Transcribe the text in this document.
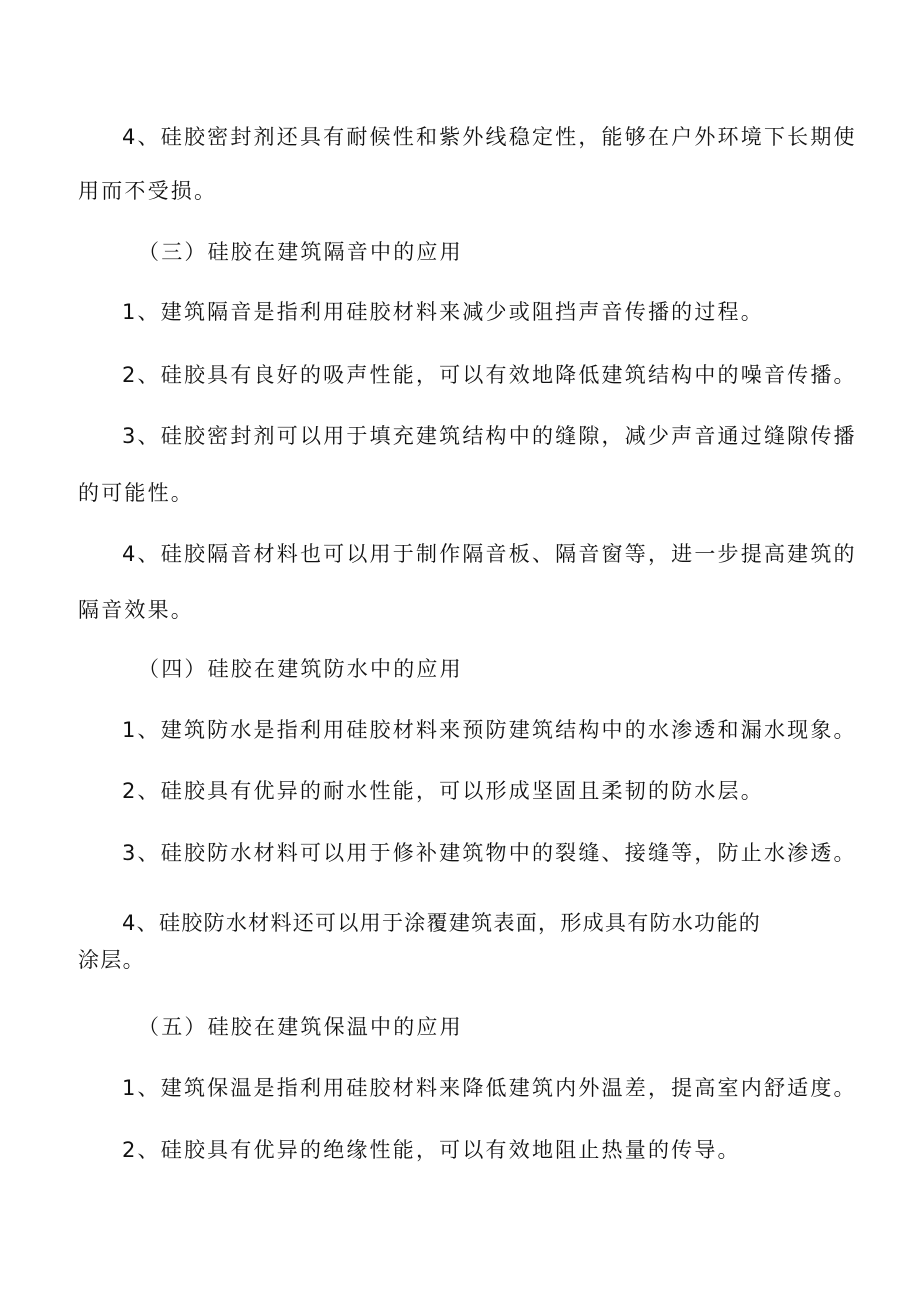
4、硅胶密封剂还具有耐候性和紫外线稳定性，能够在户外环境下长期使
用而不受损。
（三）硅胶在建筑隔音中的应用
1、建筑隔音是指利用硅胶材料来减少或阻挡声音传播的过程。
2、硅胶具有良好的吸声性能，可以有效地降低建筑结构中的噪音传播。
3、硅胶密封剂可以用于填充建筑结构中的缝隙，减少声音通过缝隙传播
的可能性。
4、硅胶隔音材料也可以用于制作隔音板、隔音窗等，进一步提高建筑的
隔音效果。
（四）硅胶在建筑防水中的应用
1、建筑防水是指利用硅胶材料来预防建筑结构中的水渗透和漏水现象。
2、硅胶具有优异的耐水性能，可以形成坚固且柔韧的防水层。
3、硅胶防水材料可以用于修补建筑物中的裂缝、接缝等，防止水渗透。
4、硅胶防水材料还可以用于涂覆建筑表面，形成具有防水功能的
涂层。
（五）硅胶在建筑保温中的应用
1、建筑保温是指利用硅胶材料来降低建筑内外温差，提高室内舒适度。
2、硅胶具有优异的绝缘性能，可以有效地阻止热量的传导。
